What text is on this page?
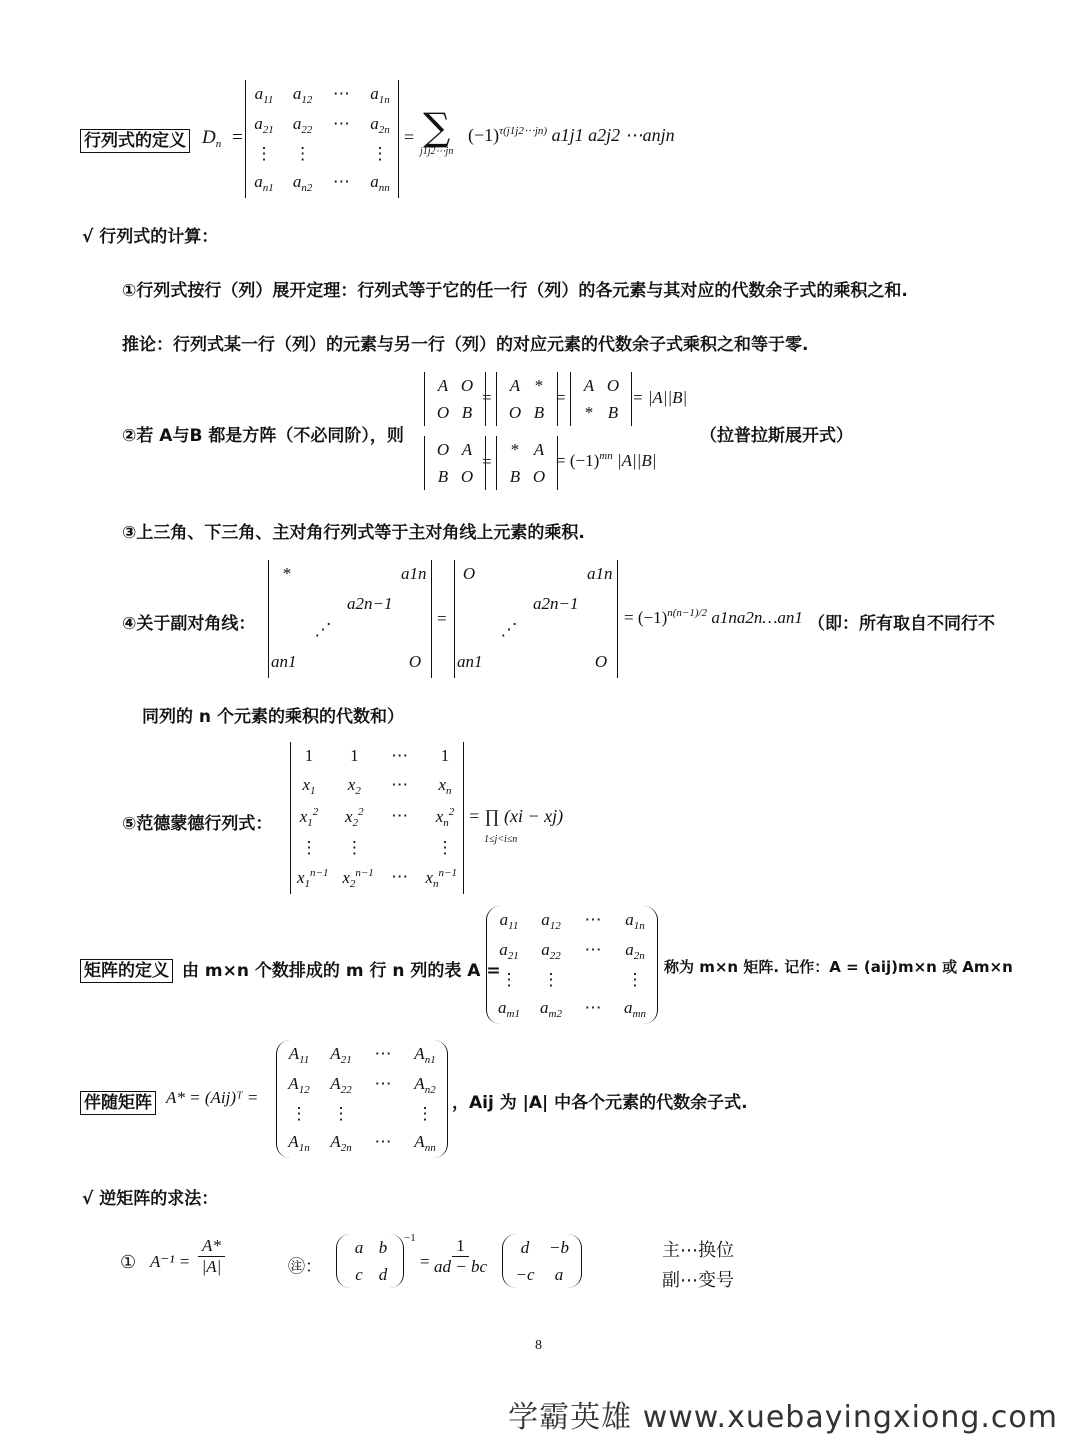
行列式的定义 $D_n$ =
$a_{11}$ $a_{12}$ ⋯ $a_{1n}$
$a_{21}$ $a_{22}$ ⋯ $a_{2n}$
⋮ ⋮	⋮
$a_{n1}$ $a_{n2}$ ⋯ $a_{nn}$
= ∑
j1j2⋯jn
$(-1)^{\tau(j1j2\cdots jn)}$ a1j1 a2j2 ⋯anjn
√ 行列式的计算：
①行列式按行（列）展开定理：行列式等于它的任一行（列）的各元素与其对应的代数余子式的乘积之和.
推论：行列式某一行（列）的元素与另一行（列）的对应元素的代数余子式乘积之和等于零.
②若 A与B 都是方阵（不必同阶），则
A O
O B
=
A *
O B
=
A O
* B
= |A||B|
O A
B O
=
* A
B O
= $(-1)^{mn}$ |A||B|
（拉普拉斯展开式）
③上三角、下三角、主对角行列式等于主对角线上元素的乘积.
④关于副对角线：
*	a1n
a2n−1
⋰
an1	O
=
O	a1n
a2n−1
⋰
an1	O
= $(-1)^{n(n-1)/2}$ a1na2n…an1 （即：所有取自不同行不
同列的 n 个元素的乘积的代数和）
⑤范德蒙德行列式：
1	1	⋯	1
$x_1$	$x_2$	⋯	$x_n$
$x_1^2$ $x_2^2$ ⋯ $x_n^2$
⋮ ⋮	⋮
$x_1^{n-1}$ $x_2^{n-1}$ ⋯ $x_n^{n-1}$
= ∏ (xi − xj)
1≤j<i≤n
矩阵的定义 由 m×n 个数排成的 m 行 n 列的表 A =
$a_{11}$ $a_{12}$ ⋯ $a_{1n}$
$a_{21}$ $a_{22}$ ⋯ $a_{2n}$
⋮ ⋮	⋮
$a_{m1}$ $a_{m2}$ ⋯ $a_{mn}$
称为 m×n 矩阵. 记作：A = (aij)m×n 或 Am×n
伴随矩阵 A* = (Aij)ᵀ =
$A_{11}$ $A_{21}$ ⋯ $A_{n1}$
$A_{12}$ $A_{22}$ ⋯ $A_{n2}$
⋮ ⋮	⋮
$A_{1n}$ $A_{2n}$ ⋯ $A_{nn}$
，Aij 为 |A| 中各个元素的代数余子式.
√ 逆矩阵的求法：
① $A^{-1} = \frac{A*}{|A|}$	㊟：
a b
c d
−1
= $\frac{1}{ad - bc}$	d	−b
−c	a
主⋯换位
副⋯变号
8
学霸英雄 www.xuebayingxiong.com
